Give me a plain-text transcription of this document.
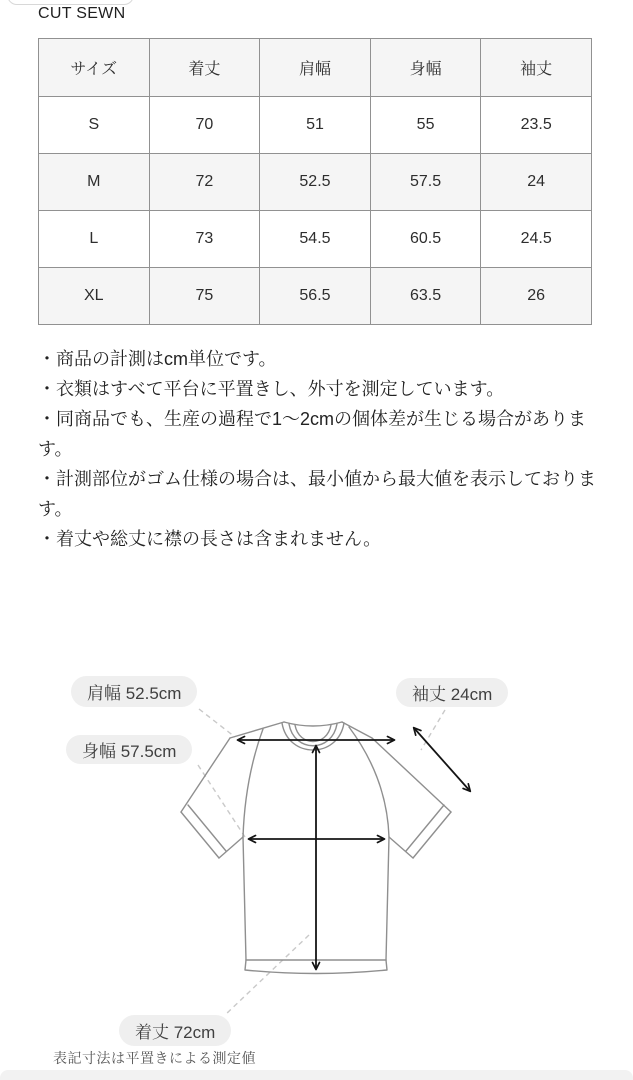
CUT SEWN
サイズ	着丈	肩幅	身幅	袖丈
S	70	51	55	23.5
M	72	52.5	57.5	24
L	73	54.5	60.5	24.5
XL	75	56.5	63.5	26

・商品の計測はcm単位です。

・衣類はすべて平台に平置きし、外寸を測定しています。

・同商品でも、生産の過程で1〜2cmの個体差が生じる場合があります。

・計測部位がゴム仕様の場合は、最小値から最大値を表示しております。

・着丈や総丈に襟の長さは含まれません。

肩幅 52.5cm	袖丈 24cm
身幅 57.5cm
着丈 72cm
表記寸法は平置きによる測定値
